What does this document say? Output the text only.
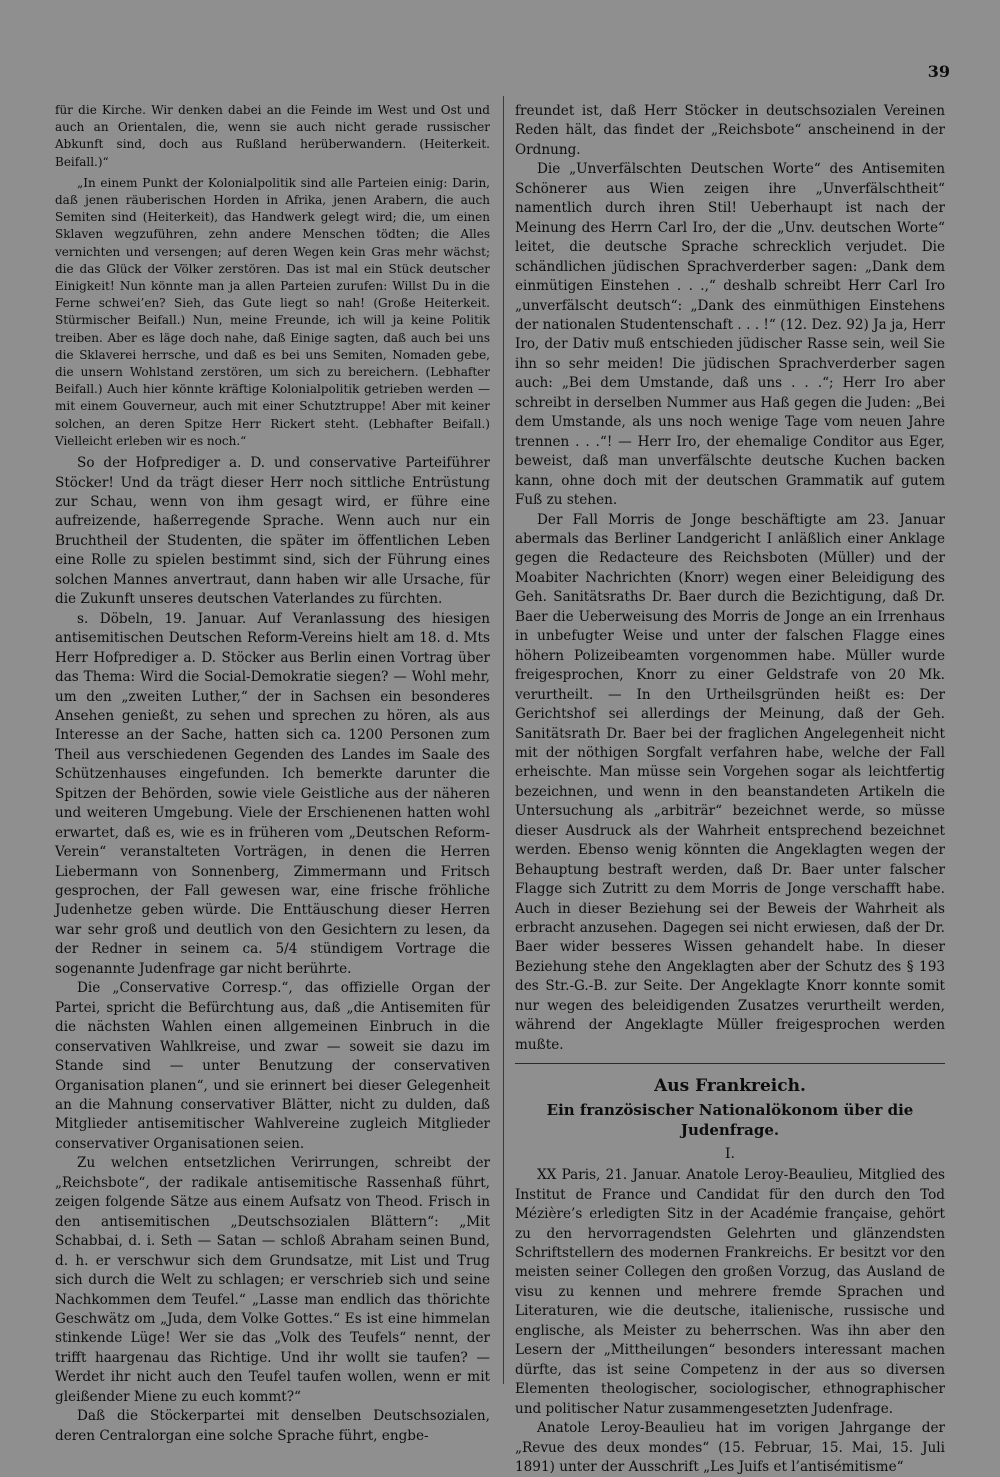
39

für die Kirche. Wir denken dabei an die Feinde im West und Ost und auch an Orientalen, die, wenn sie auch nicht gerade russischer Abkunft sind, doch aus Rußland herüberwandern. (Heiterkeit. Beifall.)“

„In einem Punkt der Kolonialpolitik sind alle Parteien einig: Darin, daß jenen räuberischen Horden in Afrika, jenen Arabern, die auch Semiten sind (Heiterkeit), das Handwerk gelegt wird; die, um einen Sklaven wegzuführen, zehn andere Menschen tödten; die Alles vernichten und versengen; auf deren Wegen kein Gras mehr wächst; die das Glück der Völker zerstören. Das ist mal ein Stück deutscher Einigkeit! Nun könnte man ja allen Parteien zurufen: Willst Du in die Ferne schwei’en? Sieh, das Gute liegt so nah! (Große Heiterkeit. Stürmischer Beifall.) Nun, meine Freunde, ich will ja keine Politik treiben. Aber es läge doch nahe, daß Einige sagten, daß auch bei uns die Sklaverei herrsche, und daß es bei uns Semiten, Nomaden gebe, die unsern Wohlstand zerstören, um sich zu bereichern. (Lebhafter Beifall.) Auch hier könnte kräftige Kolonialpolitik getrieben werden — mit einem Gouverneur, auch mit einer Schutztruppe! Aber mit keiner solchen, an deren Spitze Herr Rickert steht. (Lebhafter Beifall.) Vielleicht erleben wir es noch.“

So der Hofprediger a. D. und conservative Parteiführer Stöcker! Und da trägt dieser Herr noch sittliche Entrüstung zur Schau, wenn von ihm gesagt wird, er führe eine aufreizende, haßerregende Sprache. Wenn auch nur ein Bruchtheil der Studenten, die später im öffentlichen Leben eine Rolle zu spielen bestimmt sind, sich der Führung eines solchen Mannes anvertraut, dann haben wir alle Ursache, für die Zukunft unseres deutschen Vaterlandes zu fürchten.

s. Döbeln, 19. Januar. Auf Veranlassung des hiesigen antisemitischen Deutschen Reform-Vereins hielt am 18. d. Mts Herr Hofprediger a. D. Stöcker aus Berlin einen Vortrag über das Thema: Wird die Social-Demokratie siegen? — Wohl mehr, um den „zweiten Luther,“ der in Sachsen ein besonderes Ansehen genießt, zu sehen und sprechen zu hören, als aus Interesse an der Sache, hatten sich ca. 1200 Personen zum Theil aus verschiedenen Gegenden des Landes im Saale des Schützenhauses eingefunden. Ich bemerkte darunter die Spitzen der Behörden, sowie viele Geistliche aus der näheren und weiteren Umgebung. Viele der Erschienenen hatten wohl erwartet, daß es, wie es in früheren vom „Deutschen Reform-Verein“ veranstalteten Vorträgen, in denen die Herren Liebermann von Sonnenberg, Zimmermann und Fritsch gesprochen, der Fall gewesen war, eine frische fröhliche Judenhetze geben würde. Die Enttäuschung dieser Herren war sehr groß und deutlich von den Gesichtern zu lesen, da der Redner in seinem ca. 5/4 stündigem Vortrage die sogenannte Judenfrage gar nicht berührte.

Die „Conservative Corresp.“, das offizielle Organ der Partei, spricht die Befürchtung aus, daß „die Antisemiten für die nächsten Wahlen einen allgemeinen Einbruch in die conservativen Wahlkreise, und zwar — soweit sie dazu im Stande sind — unter Benutzung der conservativen Organisation planen“, und sie erinnert bei dieser Gelegenheit an die Mahnung conservativer Blätter, nicht zu dulden, daß Mitglieder antisemitischer Wahlvereine zugleich Mitglieder conservativer Organisationen seien.

Zu welchen entsetzlichen Verirrungen, schreibt der „Reichsbote“, der radikale antisemitische Rassenhaß führt, zeigen folgende Sätze aus einem Aufsatz von Theod. Frisch in den antisemitischen „Deutschsozialen Blättern“: „Mit Schabbai, d. i. Seth — Satan — schloß Abraham seinen Bund, d. h. er verschwur sich dem Grundsatze, mit List und Trug sich durch die Welt zu schlagen; er verschrieb sich und seine Nachkommen dem Teufel.“ „Lasse man endlich das thörichte Geschwätz om „Juda, dem Volke Gottes.“ Es ist eine himmelan stinkende Lüge! Wer sie das „Volk des Teufels“ nennt, der trifft haargenau das Richtige. Und ihr wollt sie taufen? — Werdet ihr nicht auch den Teufel taufen wollen, wenn er mit gleißender Miene zu euch kommt?“

Daß die Stöckerpartei mit denselben Deutschsozialen, deren Centralorgan eine solche Sprache führt, engbe-

freundet ist, daß Herr Stöcker in deutschsozialen Vereinen Reden hält, das findet der „Reichsbote“ anscheinend in der Ordnung.

Die „Unverfälschten Deutschen Worte“ des Antisemiten Schönerer aus Wien zeigen ihre „Unverfälschtheit“ namentlich durch ihren Stil! Ueberhaupt ist nach der Meinung des Herrn Carl Iro, der die „Unv. deutschen Worte“ leitet, die deutsche Sprache schrecklich verjudet. Die schändlichen jüdischen Sprachverderber sagen: „Dank dem einmütigen Einstehen . . .,“ deshalb schreibt Herr Carl Iro „unverfälscht deutsch“: „Dank des einmüthigen Einstehens der nationalen Studentenschaft . . . !“ (12. Dez. 92) Ja ja, Herr Iro, der Dativ muß entschieden jüdischer Rasse sein, weil Sie ihn so sehr meiden! Die jüdischen Sprachverderber sagen auch: „Bei dem Umstande, daß uns . . .“; Herr Iro aber schreibt in derselben Nummer aus Haß gegen die Juden: „Bei dem Umstande, als uns noch wenige Tage vom neuen Jahre trennen . . .“! — Herr Iro, der ehemalige Conditor aus Eger, beweist, daß man unverfälschte deutsche Kuchen backen kann, ohne doch mit der deutschen Grammatik auf gutem Fuß zu stehen.

Der Fall Morris de Jonge beschäftigte am 23. Januar abermals das Berliner Landgericht I anläßlich einer Anklage gegen die Redacteure des Reichsboten (Müller) und der Moabiter Nachrichten (Knorr) wegen einer Beleidigung des Geh. Sanitätsraths Dr. Baer durch die Bezichtigung, daß Dr. Baer die Ueberweisung des Morris de Jonge an ein Irrenhaus in unbefugter Weise und unter der falschen Flagge eines höhern Polizeibeamten vorgenommen habe. Müller wurde freigesprochen, Knorr zu einer Geldstrafe von 20 Mk. verurtheilt. — In den Urtheilsgründen heißt es: Der Gerichtshof sei allerdings der Meinung, daß der Geh. Sanitätsrath Dr. Baer bei der fraglichen Angelegenheit nicht mit der nöthigen Sorgfalt verfahren habe, welche der Fall erheischte. Man müsse sein Vorgehen sogar als leichtfertig bezeichnen, und wenn in den beanstandeten Artikeln die Untersuchung als „arbiträr“ bezeichnet werde, so müsse dieser Ausdruck als der Wahrheit entsprechend bezeichnet werden. Ebenso wenig könnten die Angeklagten wegen der Behauptung bestraft werden, daß Dr. Baer unter falscher Flagge sich Zutritt zu dem Morris de Jonge verschafft habe. Auch in dieser Beziehung sei der Beweis der Wahrheit als erbracht anzusehen. Dagegen sei nicht erwiesen, daß der Dr. Baer wider besseres Wissen gehandelt habe. In dieser Beziehung stehe den Angeklagten aber der Schutz des § 193 des Str.-G.-B. zur Seite. Der Angeklagte Knorr konnte somit nur wegen des beleidigenden Zusatzes verurtheilt werden, während der Angeklagte Müller freigesprochen werden mußte.

Aus Frankreich.
Ein französischer Nationalökonom über die Judenfrage.
I.

XX Paris, 21. Januar. Anatole Leroy-Beaulieu, Mitglied des Institut de France und Candidat für den durch den Tod Mézière’s erledigten Sitz in der Académie française, gehört zu den hervorragendsten Gelehrten und glänzendsten Schriftstellern des modernen Frankreichs. Er besitzt vor den meisten seiner Collegen den großen Vorzug, das Ausland de visu zu kennen und mehrere fremde Sprachen und Literaturen, wie die deutsche, italienische, russische und englische, als Meister zu beherrschen. Was ihn aber den Lesern der „Mittheilungen“ besonders interessant machen dürfte, das ist seine Competenz in der aus so diversen Elementen theologischer, sociologischer, ethnographischer und politischer Natur zusammengesetzten Judenfrage.

Anatole Leroy-Beaulieu hat im vorigen Jahrgange der „Revue des deux mondes“ (15. Februar, 15. Mai, 15. Juli 1891) unter der Ausschrift „Les Juifs et l’antisémitisme“
